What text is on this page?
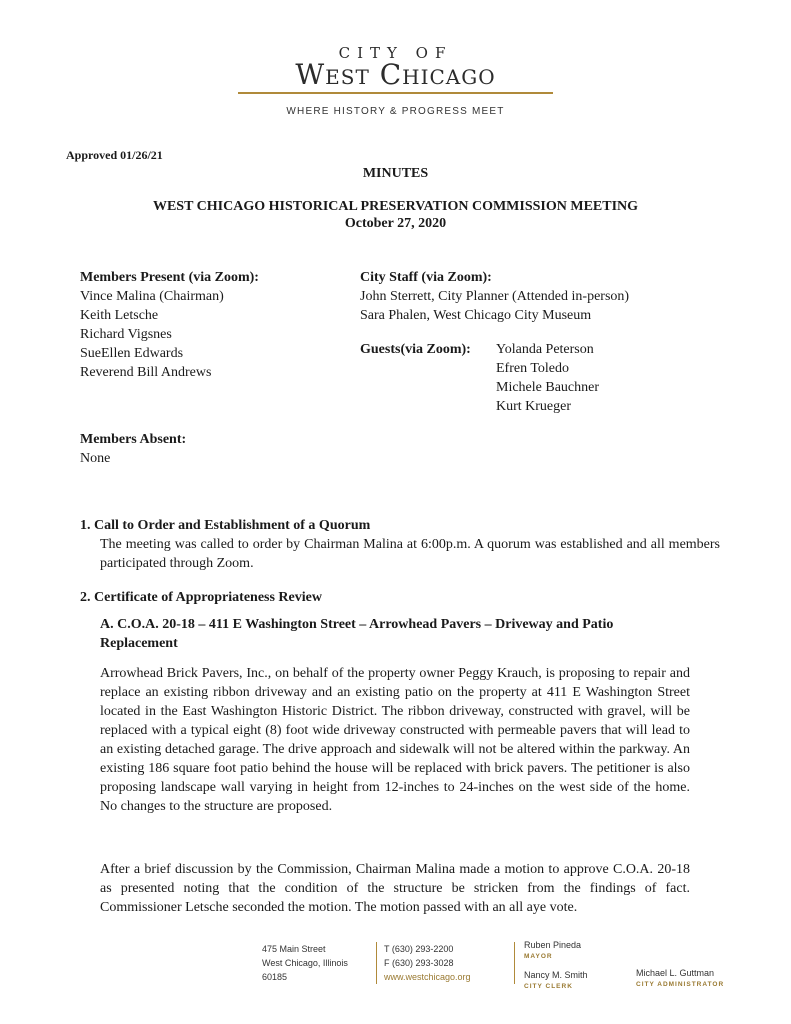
CITY OF
West Chicago
WHERE HISTORY & PROGRESS MEET
Approved 01/26/21
MINUTES
WEST CHICAGO HISTORICAL PRESERVATION COMMISSION MEETING
October 27, 2020
Members Present (via Zoom):
Vince Malina (Chairman)
Keith Letsche
Richard Vigsnes
SueEllen Edwards
Reverend Bill Andrews
City Staff (via Zoom):
John Sterrett, City Planner (Attended in-person)
Sara Phalen, West Chicago City Museum
Guests(via Zoom): Yolanda Peterson
Efren Toledo
Michele Bauchner
Kurt Krueger
Members Absent:
None
1. Call to Order and Establishment of a Quorum
The meeting was called to order by Chairman Malina at 6:00p.m. A quorum was established and all members participated through Zoom.
2. Certificate of Appropriateness Review
A. C.O.A. 20-18 – 411 E Washington Street – Arrowhead Pavers – Driveway and Patio
Replacement
Arrowhead Brick Pavers, Inc., on behalf of the property owner Peggy Krauch, is proposing to repair and replace an existing ribbon driveway and an existing patio on the property at 411 E Washington Street located in the East Washington Historic District. The ribbon driveway, constructed with gravel, will be replaced with a typical eight (8) foot wide driveway constructed with permeable pavers that will lead to an existing detached garage. The drive approach and sidewalk will not be altered within the parkway. An existing 186 square foot patio behind the house will be replaced with brick pavers. The petitioner is also proposing landscape wall varying in height from 12-inches to 24-inches on the west side of the home. No changes to the structure are proposed.
After a brief discussion by the Commission, Chairman Malina made a motion to approve C.O.A. 20-18 as presented noting that the condition of the structure be stricken from the findings of fact. Commissioner Letsche seconded the motion. The motion passed with an all aye vote.
475 Main Street
West Chicago, Illinois
60185
T (630) 293-2200
F (630) 293-3028
www.westchicago.org
Ruben Pineda
MAYOR
Nancy M. Smith
CITY CLERK
Michael L. Guttman
CITY ADMINISTRATOR
